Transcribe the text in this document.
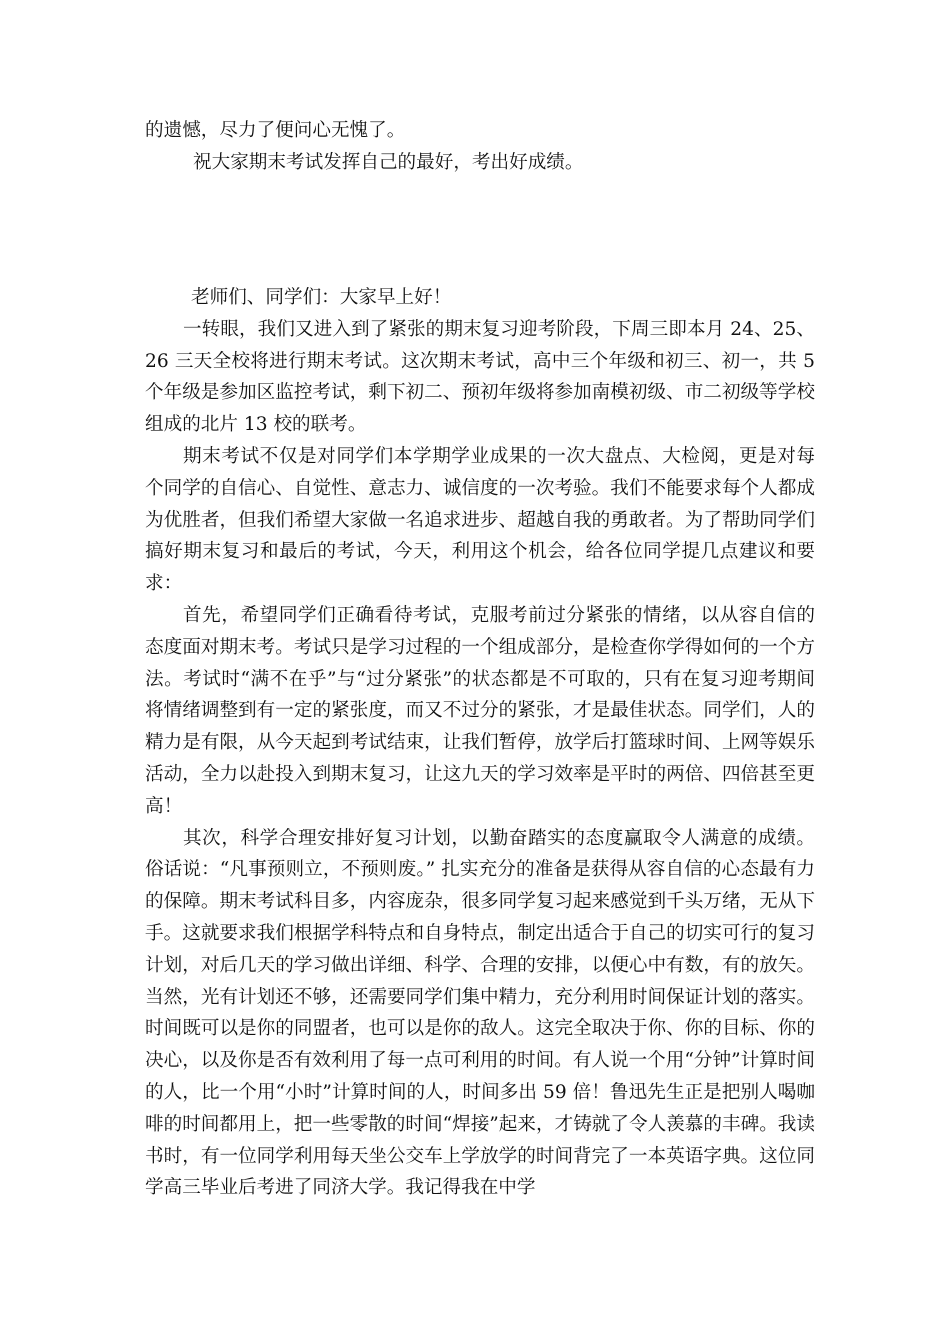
的遗憾，尽力了便问心无愧了。

祝大家期末考试发挥自己的最好，考出好成绩。

老师们、同学们：大家早上好！

一转眼，我们又进入到了紧张的期末复习迎考阶段，下周三即本月 24、25、26 三天全校将进行期末考试。这次期末考试，高中三个年级和初三、初一，共 5 个年级是参加区监控考试，剩下初二、预初年级将参加南模初级、市二初级等学校组成的北片 13 校的联考。

期末考试不仅是对同学们本学期学业成果的一次大盘点、大检阅，更是对每个同学的自信心、自觉性、意志力、诚信度的一次考验。我们不能要求每个人都成为优胜者，但我们希望大家做一名追求进步、超越自我的勇敢者。为了帮助同学们搞好期末复习和最后的考试，今天，利用这个机会，给各位同学提几点建议和要求：

首先，希望同学们正确看待考试，克服考前过分紧张的情绪，以从容自信的态度面对期末考。考试只是学习过程的一个组成部分，是检查你学得如何的一个方法。考试时“满不在乎”与“过分紧张”的状态都是不可取的，只有在复习迎考期间将情绪调整到有一定的紧张度，而又不过分的紧张，才是最佳状态。同学们，人的精力是有限，从今天起到考试结束，让我们暂停，放学后打篮球时间、上网等娱乐活动，全力以赴投入到期末复习，让这九天的学习效率是平时的两倍、四倍甚至更高！

其次，科学合理安排好复习计划，以勤奋踏实的态度赢取令人满意的成绩。俗话说：“凡事预则立，不预则废。” 扎实充分的准备是获得从容自信的心态最有力的保障。期末考试科目多，内容庞杂，很多同学复习起来感觉到千头万绪，无从下手。这就要求我们根据学科特点和自身特点，制定出适合于自己的切实可行的复习计划，对后几天的学习做出详细、科学、合理的安排，以便心中有数，有的放矢。当然，光有计划还不够，还需要同学们集中精力，充分利用时间保证计划的落实。时间既可以是你的同盟者，也可以是你的敌人。这完全取决于你、你的目标、你的决心，以及你是否有效利用了每一点可利用的时间。有人说一个用“分钟”计算时间的人，比一个用“小时”计算时间的人，时间多出 59 倍！鲁迅先生正是把别人喝咖啡的时间都用上，把一些零散的时间“焊接”起来，才铸就了令人羡慕的丰碑。我读书时，有一位同学利用每天坐公交车上学放学的时间背完了一本英语字典。这位同学高三毕业后考进了同济大学。我记得我在中学
